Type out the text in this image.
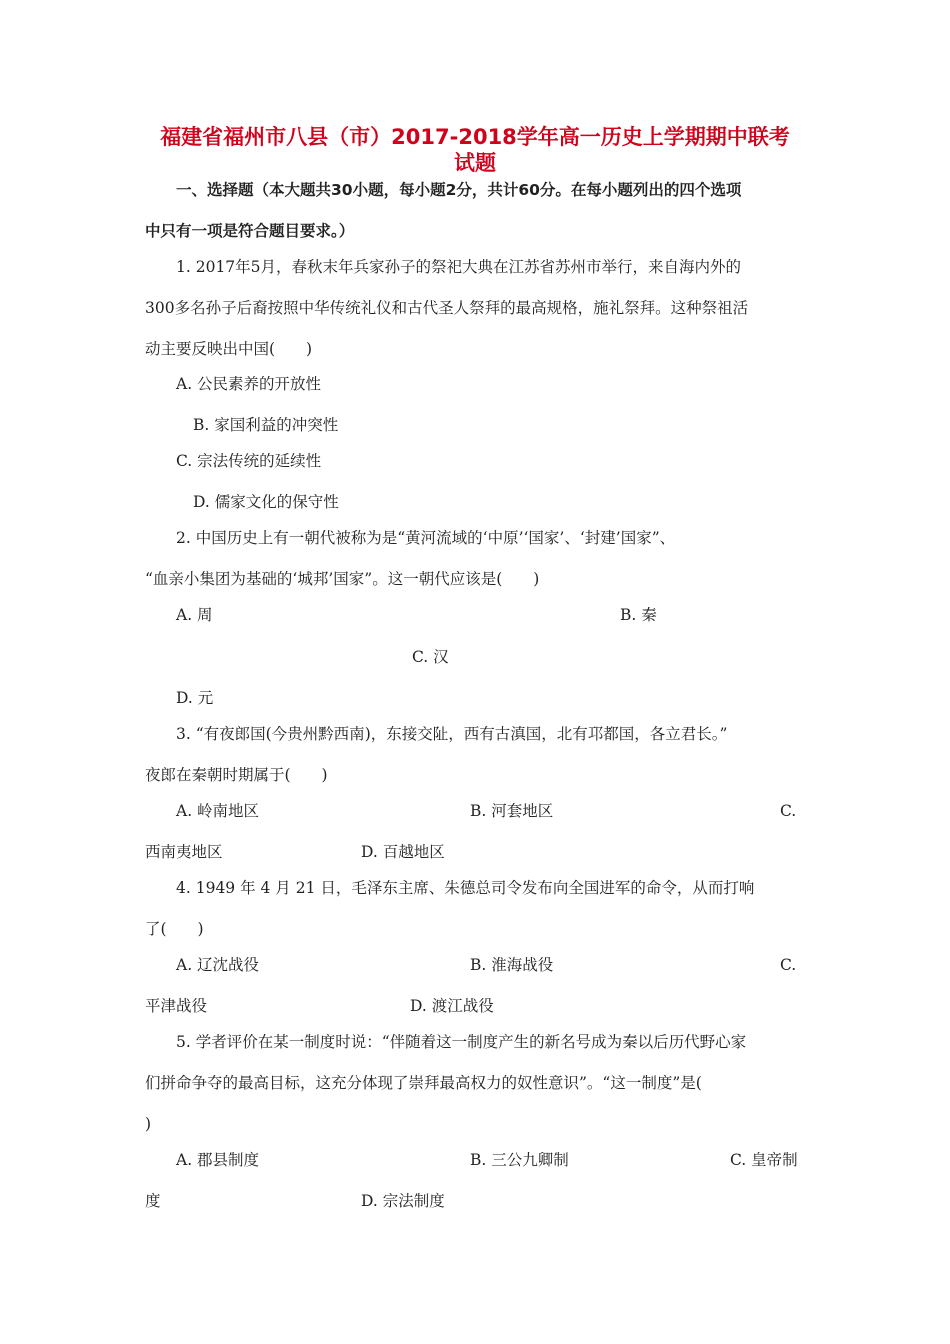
福建省福州市八县（市）2017-2018学年高一历史上学期期中联考
试题
一、选择题（本大题共30小题，每小题2分，共计60分。在每小题列出的四个选项
中只有一项是符合题目要求。）
1. 2017年5月，春秋末年兵家孙子的祭祀大典在江苏省苏州市举行，来自海内外的
300多名孙子后裔按照中华传统礼仪和古代圣人祭拜的最高规格，施礼祭拜。这种祭祖活
动主要反映出中国(　　)
A. 公民素养的开放性
B. 家国利益的冲突性
C. 宗法传统的延续性
D. 儒家文化的保守性
2. 中国历史上有一朝代被称为是“黄河流域的‘中原’‘国家’、‘封建’国家”、
“血亲小集团为基础的‘城邦’国家”。这一朝代应该是(　　)
A. 周	B. 秦
C. 汉
D. 元
3. “有夜郎国(今贵州黔西南)，东接交阯，西有古滇国，北有邛都国，各立君长。”
夜郎在秦朝时期属于(　　)
A. 岭南地区	B. 河套地区	C.
西南夷地区	D. 百越地区
4. 1949 年 4 月 21 日，毛泽东主席、朱德总司令发布向全国进军的命令，从而打响
了(　　)
A. 辽沈战役	B. 淮海战役	C.
平津战役	D. 渡江战役
5. 学者评价在某一制度时说：“伴随着这一制度产生的新名号成为秦以后历代野心家
们拼命争夺的最高目标，这充分体现了崇拜最高权力的奴性意识”。“这一制度”是(
)
A. 郡县制度	B. 三公九卿制	C. 皇帝制
度	D. 宗法制度
